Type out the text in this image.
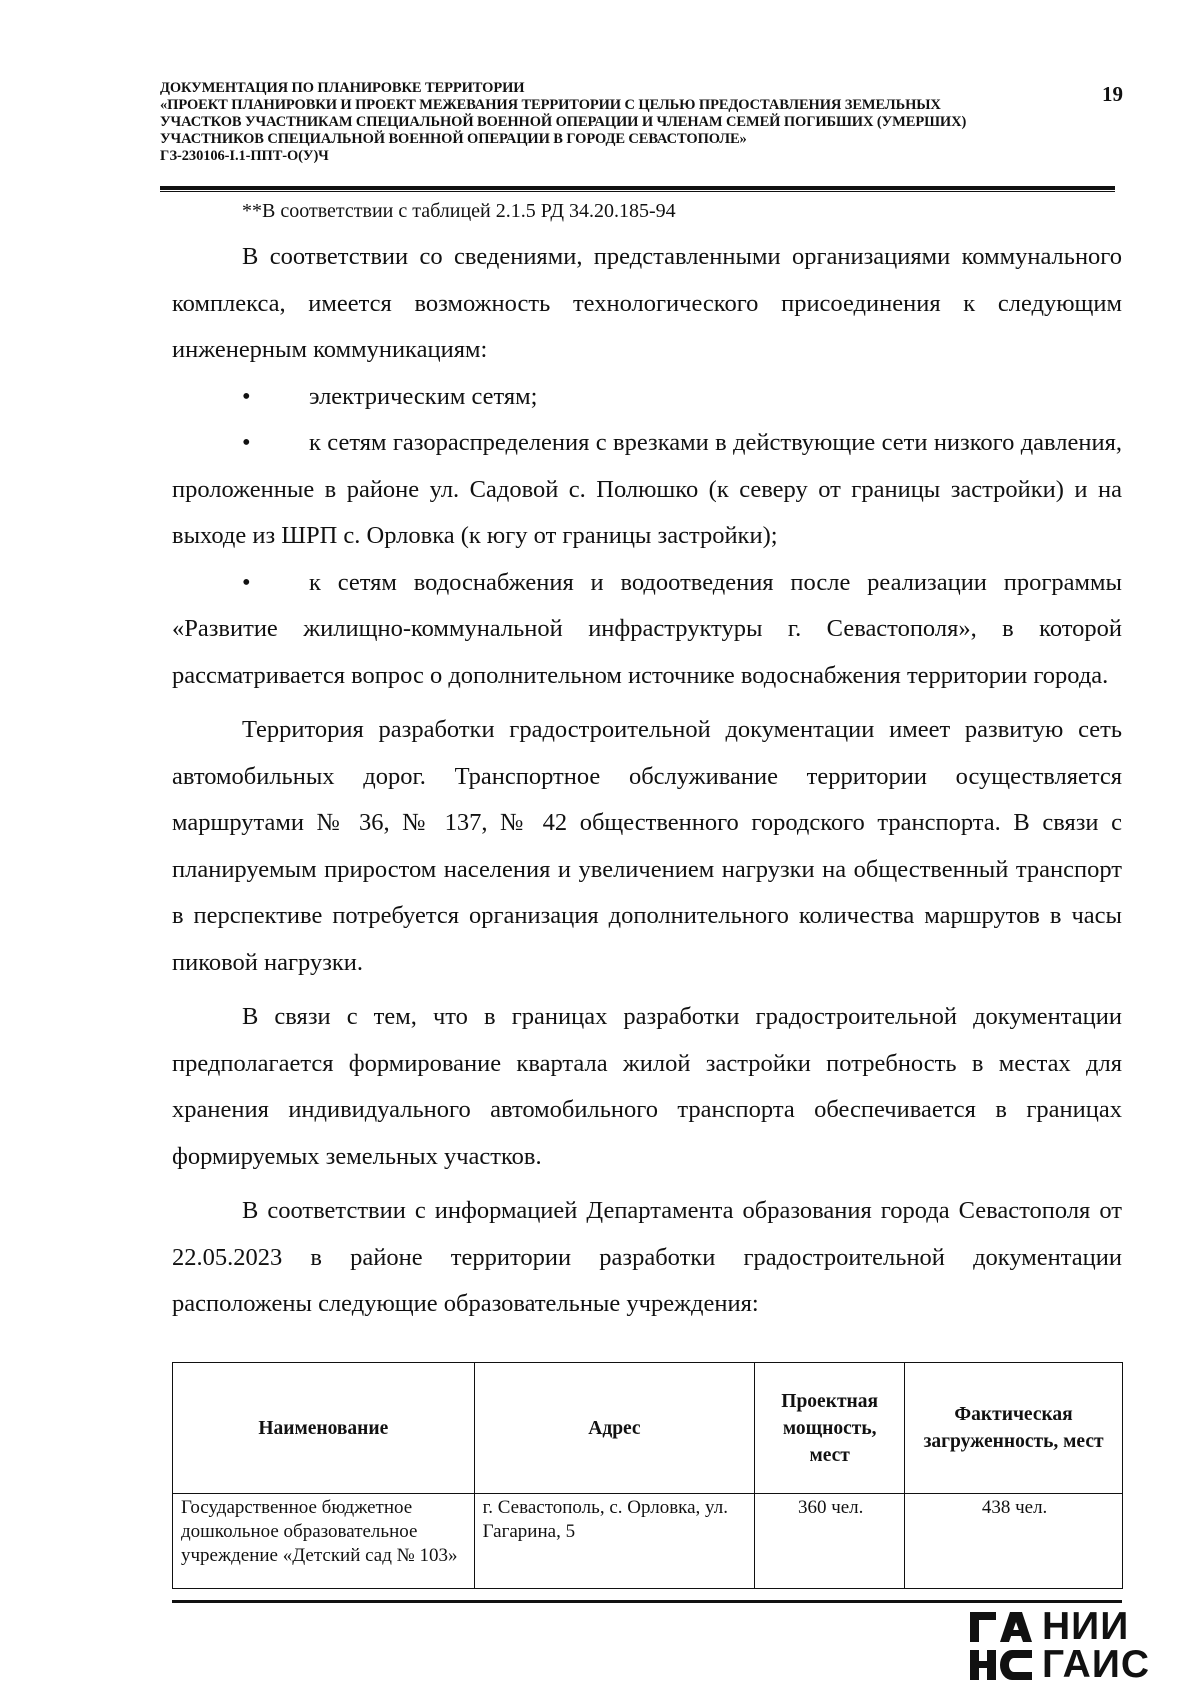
ДОКУМЕНТАЦИЯ ПО ПЛАНИРОВКЕ ТЕРРИТОРИИ
«ПРОЕКТ ПЛАНИРОВКИ И ПРОЕКТ МЕЖЕВАНИЯ ТЕРРИТОРИИ С ЦЕЛЬЮ ПРЕДОСТАВЛЕНИЯ ЗЕМЕЛЬНЫХ
УЧАСТКОВ УЧАСТНИКАМ СПЕЦИАЛЬНОЙ ВОЕННОЙ ОПЕРАЦИИ И ЧЛЕНАМ СЕМЕЙ ПОГИБШИХ (УМЕРШИХ)
УЧАСТНИКОВ СПЕЦИАЛЬНОЙ ВОЕННОЙ ОПЕРАЦИИ В ГОРОДЕ СЕВАСТОПОЛЕ»
ГЗ-230106-I.1-ППТ-О(У)Ч
19
**В соответствии с таблицей 2.1.5 РД 34.20.185-94

В соответствии со сведениями, представленными организациями коммунального комплекса, имеется возможность технологического присоединения к следующим инженерным коммуникациям:

• электрическим сетям;

• к сетям газораспределения с врезками в действующие сети низкого давления, проложенные в районе ул. Садовой с. Полюшко (к северу от границы застройки) и на выходе из ШРП с. Орловка (к югу от границы застройки);

• к сетям водоснабжения и водоотведения после реализации программы «Развитие жилищно-коммунальной инфраструктуры г. Севастополя», в которой рассматривается вопрос о дополнительном источнике водоснабжения территории города.

Территория разработки градостроительной документации имеет развитую сеть автомобильных дорог. Транспортное обслуживание территории осуществляется маршрутами № 36, № 137, № 42 общественного городского транспорта. В связи с планируемым приростом населения и увеличением нагрузки на общественный транспорт в перспективе потребуется организация дополнительного количества маршрутов в часы пиковой нагрузки.

В связи с тем, что в границах разработки градостроительной документации предполагается формирование квартала жилой застройки потребность в местах для хранения индивидуального автомобильного транспорта обеспечивается в границах формируемых земельных участков.

В соответствии с информацией Департамента образования города Севастополя от 22.05.2023 в районе территории разработки градостроительной документации расположены следующие образовательные учреждения:

Наименование	Адрес	Проектная мощность, мест	Фактическая загруженность, мест
Государственное бюджетное дошкольное образовательное учреждение «Детский сад № 103»	г. Севастополь, с. Орловка, ул. Гагарина, 5	360 чел.	438 чел.
НИИ
ГАИС
